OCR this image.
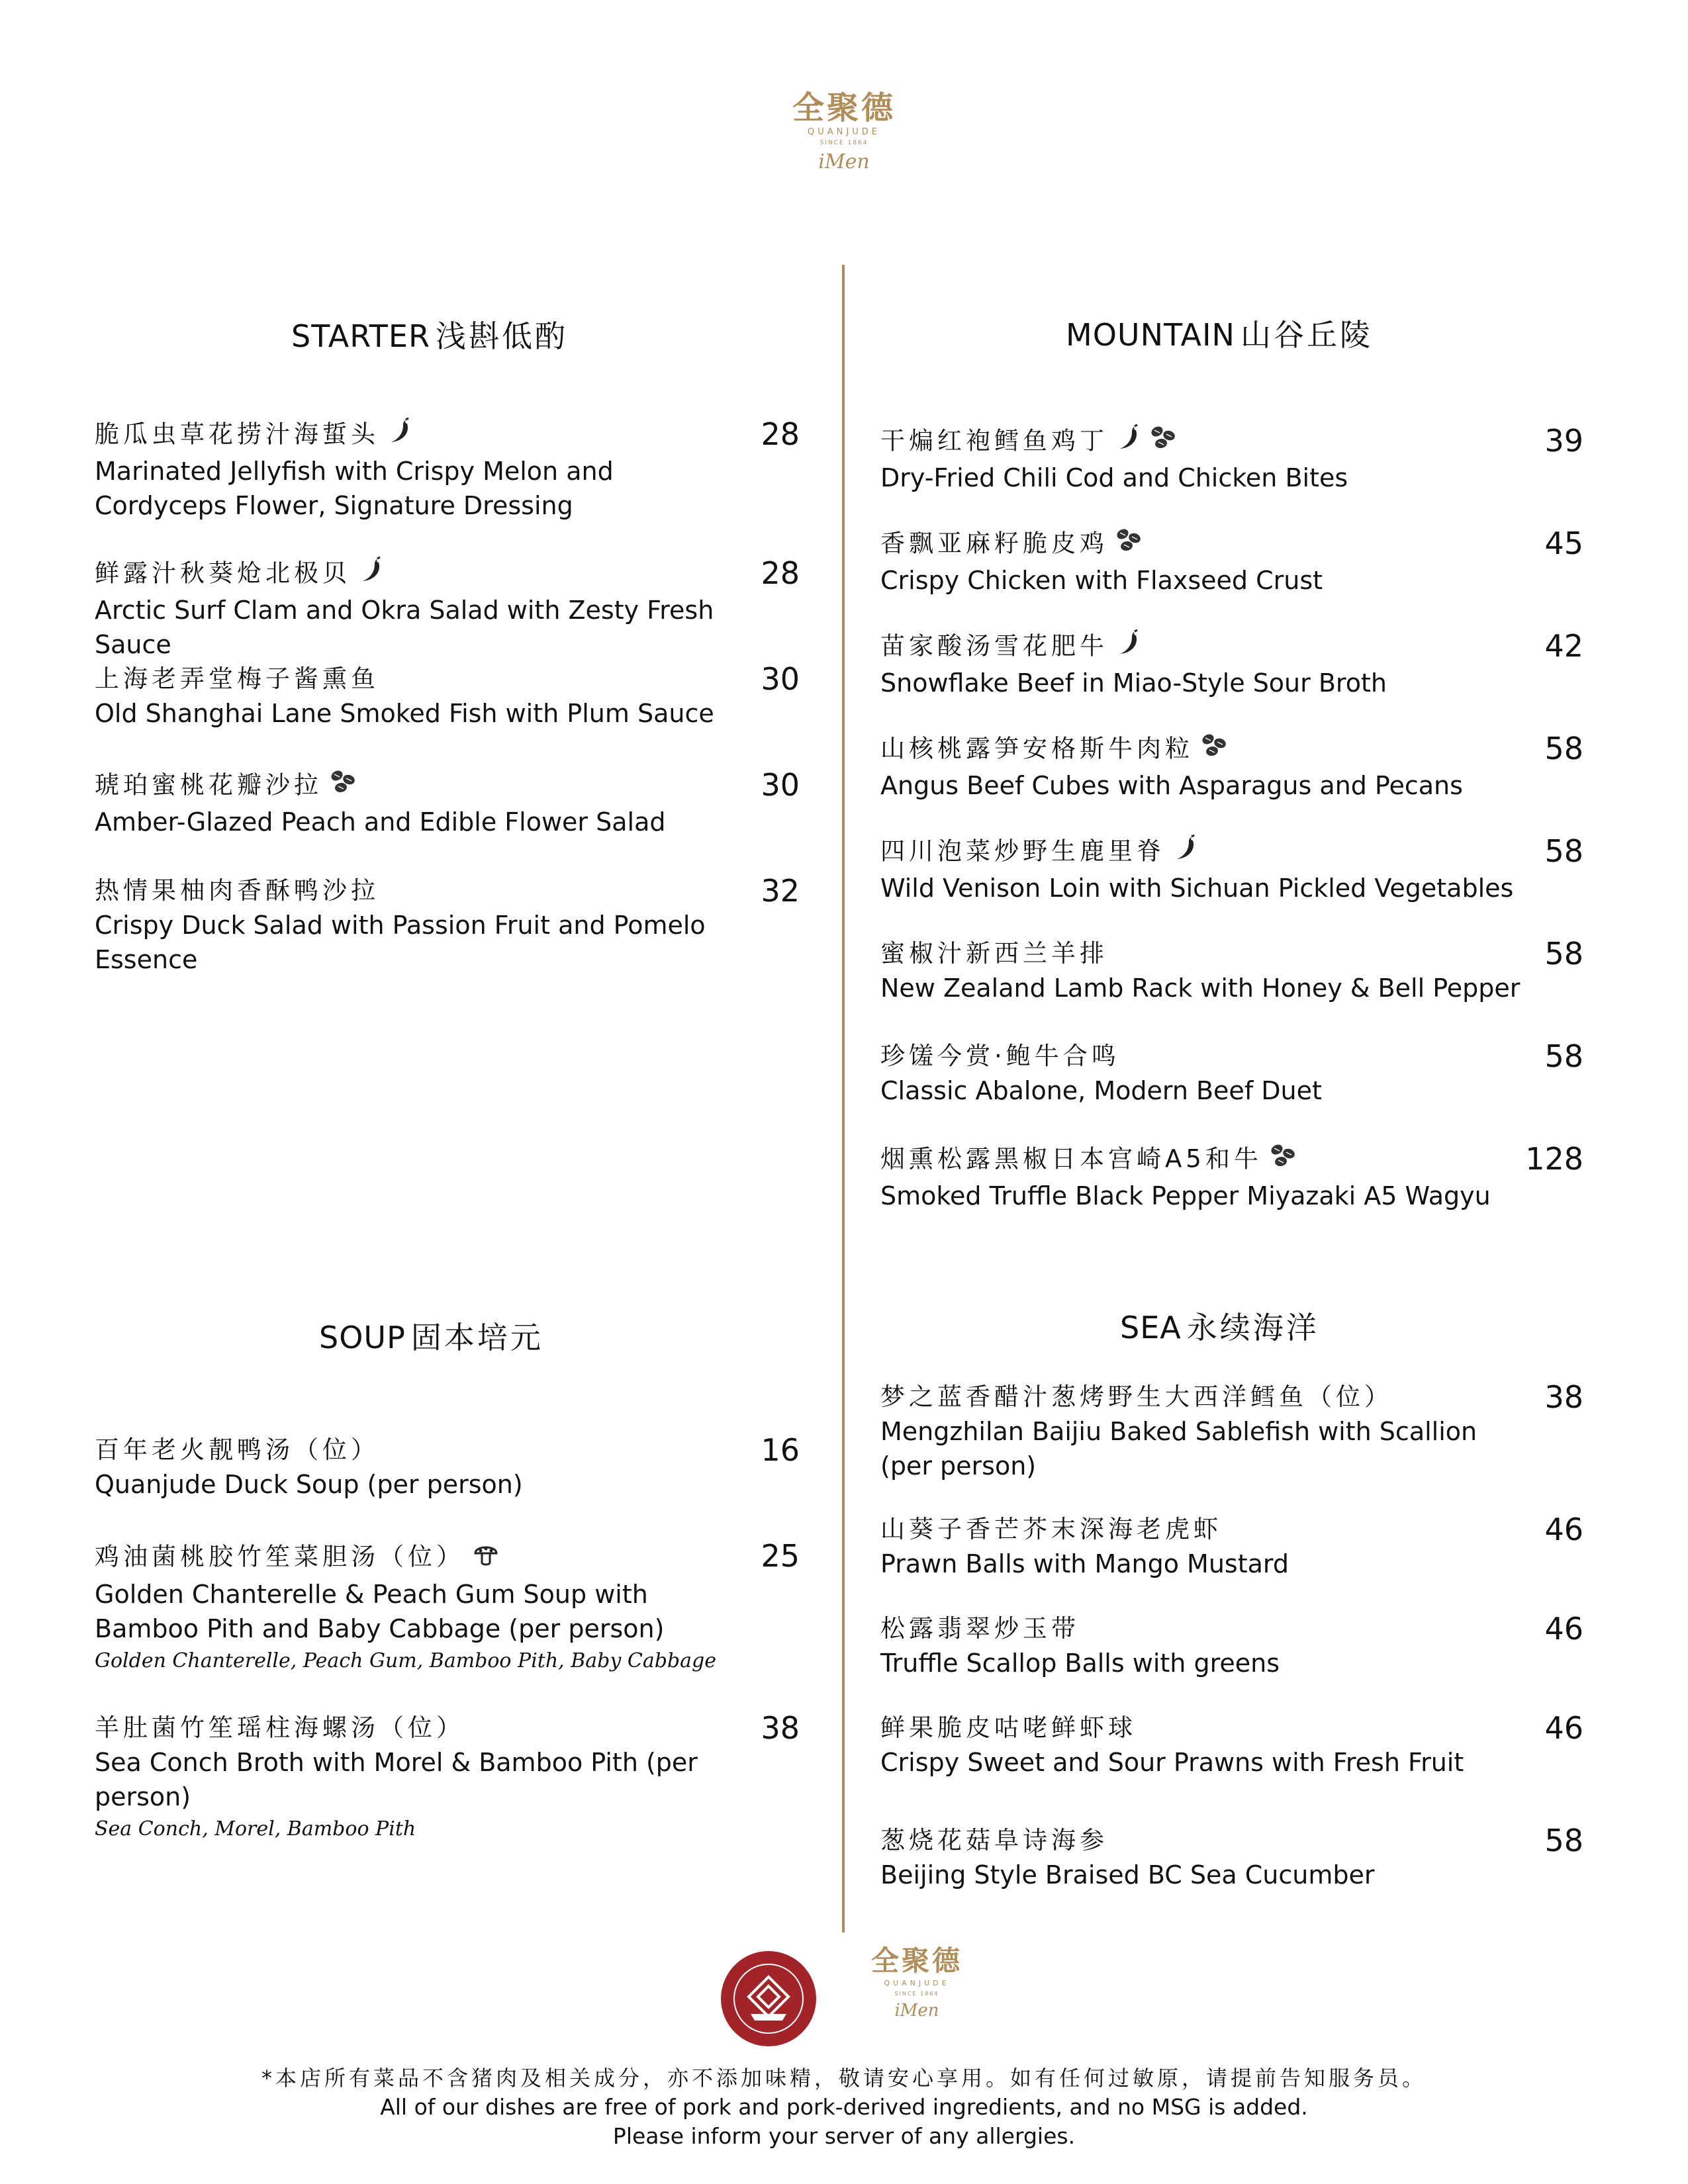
全聚德
QUANJUDE
SINCE 1864
iMen
STARTER 浅斟低酌	MOUNTAIN 山谷丘陵
SOUP 固本培元	SEA 永续海洋
脆瓜虫草花捞汁海蜇头
Marinated Jellyfish with Crispy Melon and Cordyceps Flower, Signature Dressing
28
鲜露汁秋葵炝北极贝
Arctic Surf Clam and Okra Salad with Zesty Fresh Sauce
28
上海老弄堂梅子酱熏鱼
Old Shanghai Lane Smoked Fish with Plum Sauce
30
琥珀蜜桃花瓣沙拉
Amber-Glazed Peach and Edible Flower Salad
30
热情果柚肉香酥鸭沙拉
Crispy Duck Salad with Passion Fruit and Pomelo Essence
32
百年老火靓鸭汤（位）
Quanjude Duck Soup (per person)
16
鸡油菌桃胶竹笙菜胆汤（位）
Golden Chanterelle & Peach Gum Soup with Bamboo Pith and Baby Cabbage (per person)
Golden Chanterelle, Peach Gum, Bamboo Pith, Baby Cabbage
25
羊肚菌竹笙瑶柱海螺汤（位）
Sea Conch Broth with Morel & Bamboo Pith (per person)
Sea Conch, Morel, Bamboo Pith
38
干煸红袍鳕鱼鸡丁
Dry-Fried Chili Cod and Chicken Bites
39
香飘亚麻籽脆皮鸡
Crispy Chicken with Flaxseed Crust
45
苗家酸汤雪花肥牛
Snowflake Beef in Miao-Style Sour Broth
42
山核桃露笋安格斯牛肉粒
Angus Beef Cubes with Asparagus and Pecans
58
四川泡菜炒野生鹿里脊
Wild Venison Loin with Sichuan Pickled Vegetables
58
蜜椒汁新西兰羊排
New Zealand Lamb Rack with Honey & Bell Pepper
58
珍馐今赏·鲍牛合鸣
Classic Abalone, Modern Beef Duet
58
烟熏松露黑椒日本宫崎A5和牛
Smoked Truffle Black Pepper Miyazaki A5 Wagyu
128
梦之蓝香醋汁葱烤野生大西洋鳕鱼（位）
Mengzhilan Baijiu Baked Sablefish with Scallion (per person)
38
山葵子香芒芥末深海老虎虾
Prawn Balls with Mango Mustard
46
松露翡翠炒玉带
Truffle Scallop Balls with greens
46
鲜果脆皮咕咾鲜虾球
Crispy Sweet and Sour Prawns with Fresh Fruit
46
葱烧花菇阜诗海参
Beijing Style Braised BC Sea Cucumber
58
全聚德
QUANJUDE
SINCE 1864
iMen
*本店所有菜品不含猪肉及相关成分，亦不添加味精，敬请安心享用。如有任何过敏原，请提前告知服务员。
All of our dishes are free of pork and pork-derived ingredients, and no MSG is added.
Please inform your server of any allergies.
